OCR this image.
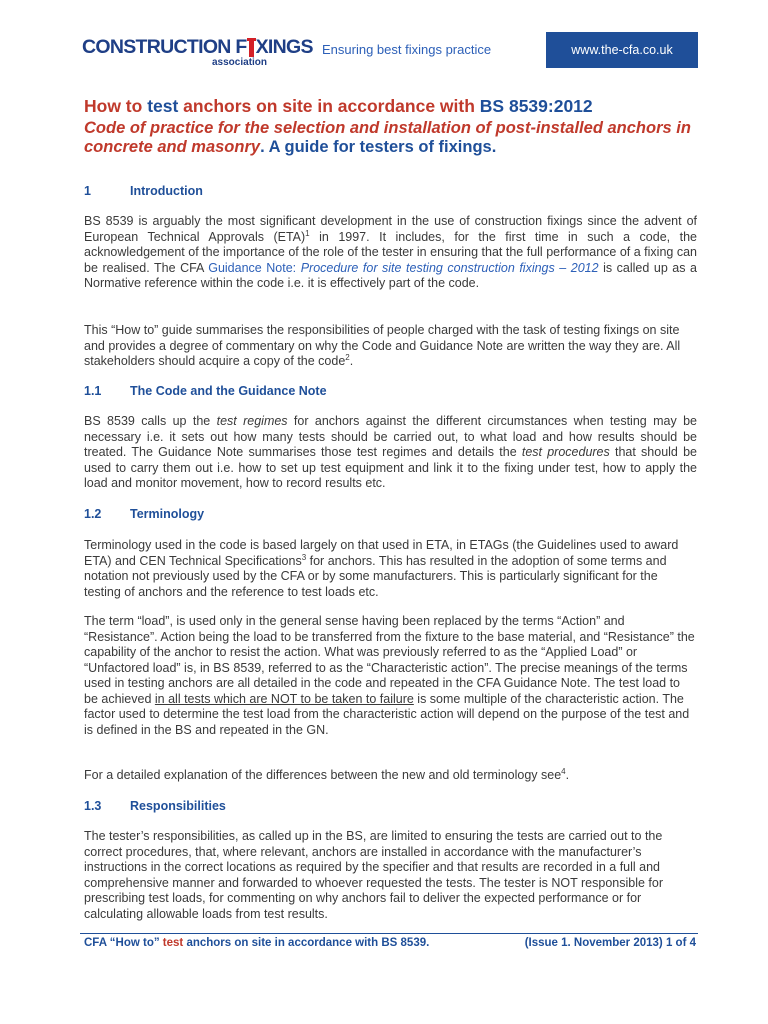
CONSTRUCTION F XINGS
association
Ensuring best fixings practice	www.the-cfa.co.uk
How to test anchors on site in accordance with BS 8539:2012
Code of practice for the selection and installation of post-installed anchors in concrete and masonry. A guide for testers of fixings.
1	Introduction
BS 8539 is arguably the most significant development in the use of construction fixings since the advent of European Technical Approvals (ETA)$^1$ in 1997. It includes, for the first time in such a code, the acknowledgement of the importance of the role of the tester in ensuring that the full performance of a fixing can be realised. The CFA Guidance Note: Procedure for site testing construction fixings – 2012 is called up as a Normative reference within the code i.e. it is effectively part of the code.
This “How to” guide summarises the responsibilities of people charged with the task of testing fixings on site and provides a degree of commentary on why the Code and Guidance Note are written the way they are. All stakeholders should acquire a copy of the code$^2$.
1.1 The Code and the Guidance Note
BS 8539 calls up the test regimes for anchors against the different circumstances when testing may be necessary i.e. it sets out how many tests should be carried out, to what load and how results should be treated. The Guidance Note summarises those test regimes and details the test procedures that should be used to carry them out i.e. how to set up test equipment and link it to the fixing under test, how to apply the load and monitor movement, how to record results etc.
1.2 Terminology
Terminology used in the code is based largely on that used in ETA, in ETAGs (the Guidelines used to award ETA) and CEN Technical Specifications$^3$ for anchors. This has resulted in the adoption of some terms and notation not previously used by the CFA or by some manufacturers. This is particularly significant for the testing of anchors and the reference to test loads etc.
The term “load”, is used only in the general sense having been replaced by the terms “Action” and “Resistance”. Action being the load to be transferred from the fixture to the base material, and “Resistance” the capability of the anchor to resist the action. What was previously referred to as the “Applied Load” or “Unfactored load” is, in BS 8539, referred to as the “Characteristic action”. The precise meanings of the terms used in testing anchors are all detailed in the code and repeated in the CFA Guidance Note. The test load to be achieved in all tests which are NOT to be taken to failure is some multiple of the characteristic action. The factor used to determine the test load from the characteristic action will depend on the purpose of the test and is defined in the BS and repeated in the GN.
For a detailed explanation of the differences between the new and old terminology see$^4$.
1.3 Responsibilities
The tester’s responsibilities, as called up in the BS, are limited to ensuring the tests are carried out to the correct procedures, that, where relevant, anchors are installed in accordance with the manufacturer’s instructions in the correct locations as required by the specifier and that results are recorded in a full and comprehensive manner and forwarded to whoever requested the tests. The tester is NOT responsible for prescribing test loads, for commenting on why anchors fail to deliver the expected performance or for calculating allowable loads from test results.
CFA “How to” test anchors on site in accordance with BS 8539.	(Issue 1. November 2013) 1 of 4
